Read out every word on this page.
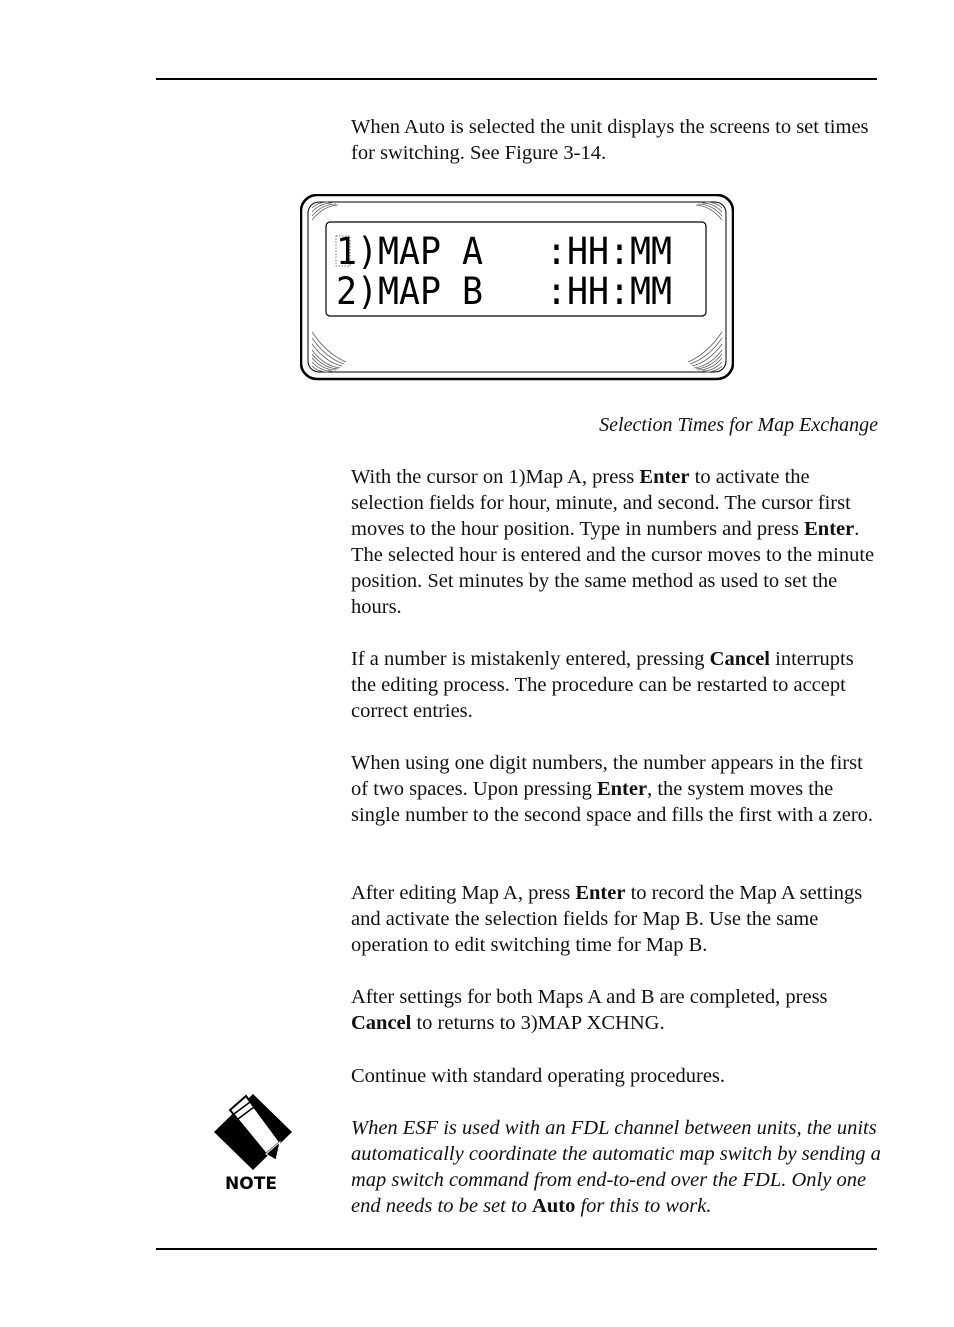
When Auto is selected the unit displays the screens to set times for switching. See Figure 3-14.

1)MAP A   :HH:MM
2)MAP B   :HH:MM
Selection Times for Map Exchange

With the cursor on 1)Map A, press Enter to activate the selection fields for hour, minute, and second. The cursor first moves to the hour position. Type in numbers and press Enter. The selected hour is entered and the cursor moves to the minute position. Set minutes by the same method as used to set the hours.

If a number is mistakenly entered, pressing Cancel interrupts the editing process. The procedure can be restarted to accept correct entries.

When using one digit numbers, the number appears in the first of two spaces. Upon pressing Enter, the system moves the single number to the second space and fills the first with a zero.

After editing Map A, press Enter to record the Map A settings and activate the selection fields for Map B. Use the same operation to edit switching time for Map B.

After settings for both Maps A and B are completed, press Cancel to returns to 3)MAP XCHNG.

Continue with standard operating procedures.

NOTE

When ESF is used with an FDL channel between units, the units automatically coordinate the automatic map switch by sending a map switch command from end-to-end over the FDL. Only one end needs to be set to Auto for this to work.
